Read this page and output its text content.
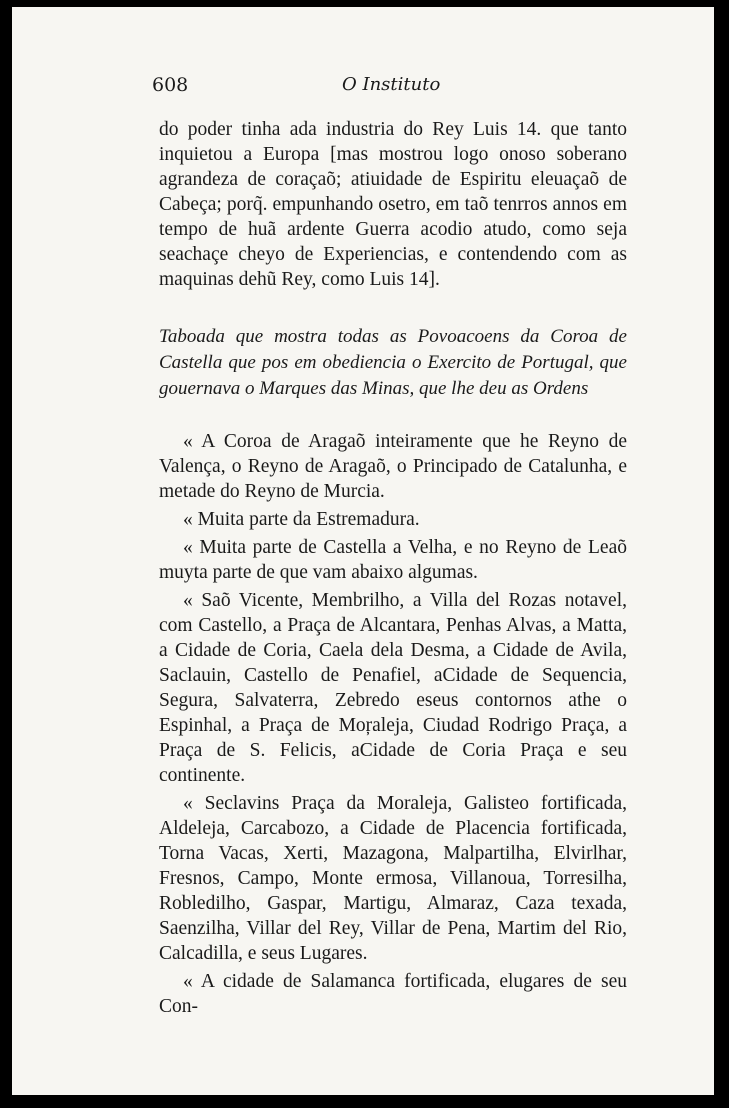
608	O Instituto
do poder tinha ada industria do Rey Luis 14. que tanto inquietou a Europa [mas mostrou logo onoso soberano agrandeza de coraçaõ; atiuidade de Espiritu eleuaçaõ de Cabeça; porq̃. empunhando osetro, em taõ tenrros annos em tempo de huã ardente Guerra acodio atudo, como seja seachaçe cheyo de Experiencias, e contendendo com as maquinas dehũ Rey, como Luis 14].
Taboada que mostra todas as Povoacoens da Coroa de Castella que pos em obediencia o Exercito de Portugal, que gouernava o Marques das Minas, que lhe deu as Ordens

« A Coroa de Aragaõ inteiramente que he Reyno de Valença, o Reyno de Aragaõ, o Principado de Catalunha, e metade do Reyno de Murcia.

« Muita parte da Estremadura.

« Muita parte de Castella a Velha, e no Reyno de Leaõ muyta parte de que vam abaixo algumas.

« Saõ Vicente, Membrilho, a Villa del Rozas notavel, com Castello, a Praça de Alcantara, Penhas Alvas, a Matta, a Cidade de Coria, Caela dela Desma, a Cidade de Avila, Saclauin, Castello de Penafiel, aCidade de Sequencia, Segura, Salvaterra, Zebredo eseus contornos athe o Espinhal, a Praça de Moŗaleja, Ciudad Rodrigo Praça, a Praça de S. Felicis, aCidade de Coria Praça e seu continente.

« Seclavins Praça da Moraleja, Galisteo fortificada, Aldeleja, Carcabozo, a Cidade de Placencia fortificada, Torna Vacas, Xerti, Mazagona, Malpartilha, Elvirlhar, Fresnos, Campo, Monte ermosa, Villanoua, Torresilha, Robledilho, Gaspar, Martigu, Almaraz, Caza texada, Saenzilha, Villar del Rey, Villar de Pena, Martim del Rio, Calcadilla, e seus Lugares.

« A cidade de Salamanca fortificada, elugares de seu Con-
